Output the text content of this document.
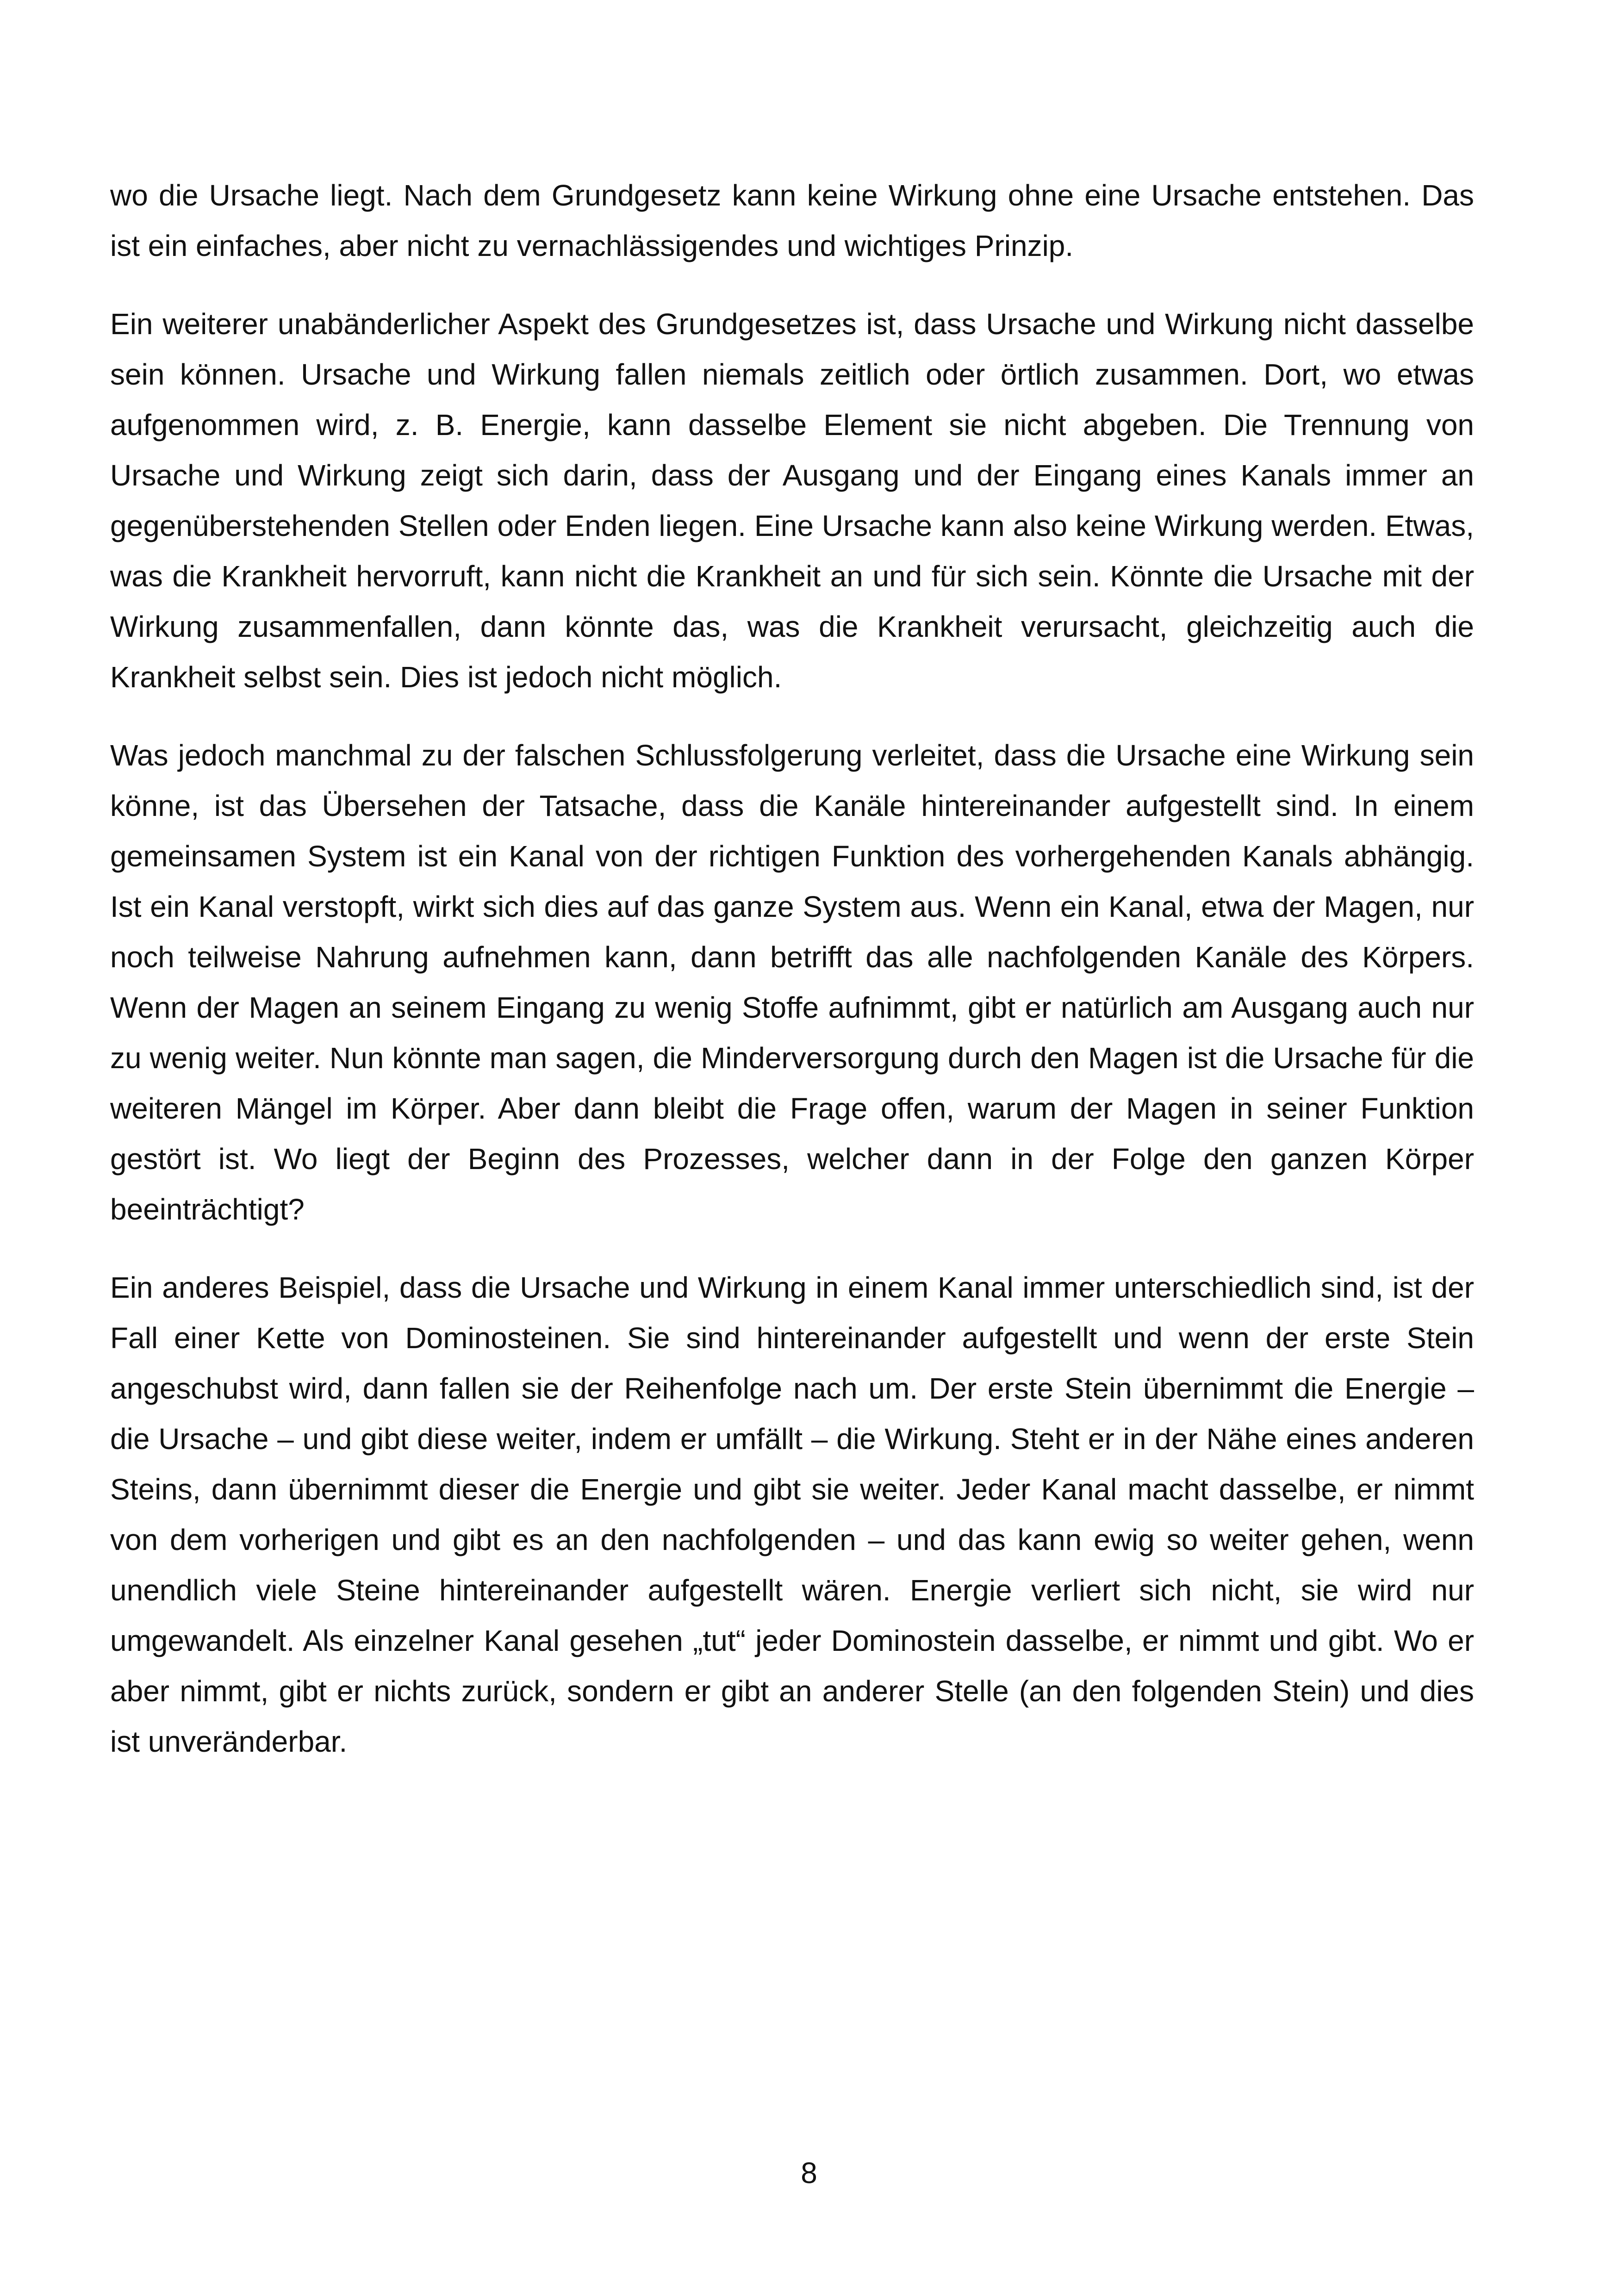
wo die Ursache liegt. Nach dem Grundgesetz kann keine Wirkung ohne eine Ursache entstehen. Das ist ein einfaches, aber nicht zu vernachlässigendes und wichtiges Prinzip.

Ein weiterer unabänderlicher Aspekt des Grundgesetzes ist, dass Ursache und Wirkung nicht dasselbe sein können. Ursache und Wirkung fallen niemals zeitlich oder örtlich zusammen. Dort, wo etwas aufgenommen wird, z. B. Energie, kann dasselbe Element sie nicht abgeben. Die Trennung von Ursache und Wirkung zeigt sich darin, dass der Ausgang und der Eingang eines Kanals immer an gegenüberstehenden Stellen oder Enden liegen. Eine Ursache kann also keine Wirkung werden. Etwas, was die Krankheit hervorruft, kann nicht die Krankheit an und für sich sein. Könnte die Ursache mit der Wirkung zusammenfallen, dann könnte das, was die Krankheit verursacht, gleichzeitig auch die Krankheit selbst sein. Dies ist jedoch nicht möglich.

Was jedoch manchmal zu der falschen Schlussfolgerung verleitet, dass die Ursache eine Wirkung sein könne, ist das Übersehen der Tatsache, dass die Kanäle hintereinander aufgestellt sind. In einem gemeinsamen System ist ein Kanal von der richtigen Funktion des vorhergehenden Kanals abhängig. Ist ein Kanal verstopft, wirkt sich dies auf das ganze System aus. Wenn ein Kanal, etwa der Magen, nur noch teilweise Nahrung aufnehmen kann, dann betrifft das alle nachfolgenden Kanäle des Körpers. Wenn der Magen an seinem Eingang zu wenig Stoffe aufnimmt, gibt er natürlich am Ausgang auch nur zu wenig weiter. Nun könnte man sagen, die Minderversorgung durch den Magen ist die Ursache für die weiteren Mängel im Körper. Aber dann bleibt die Frage offen, warum der Magen in seiner Funktion gestört ist. Wo liegt der Beginn des Prozesses, welcher dann in der Folge den ganzen Körper beeinträchtigt?

Ein anderes Beispiel, dass die Ursache und Wirkung in einem Kanal immer unterschiedlich sind, ist der Fall einer Kette von Dominosteinen. Sie sind hintereinander aufgestellt und wenn der erste Stein angeschubst wird, dann fallen sie der Reihenfolge nach um. Der erste Stein übernimmt die Energie – die Ursache – und gibt diese weiter, indem er umfällt – die Wirkung. Steht er in der Nähe eines anderen Steins, dann übernimmt dieser die Energie und gibt sie weiter. Jeder Kanal macht dasselbe, er nimmt von dem vorherigen und gibt es an den nachfolgenden – und das kann ewig so weiter gehen, wenn unendlich viele Steine hintereinander aufgestellt wären. Energie verliert sich nicht, sie wird nur umgewandelt. Als einzelner Kanal gesehen „tut“ jeder Dominostein dasselbe, er nimmt und gibt. Wo er aber nimmt, gibt er nichts zurück, sondern er gibt an anderer Stelle (an den folgenden Stein) und dies ist unveränderbar.

8
